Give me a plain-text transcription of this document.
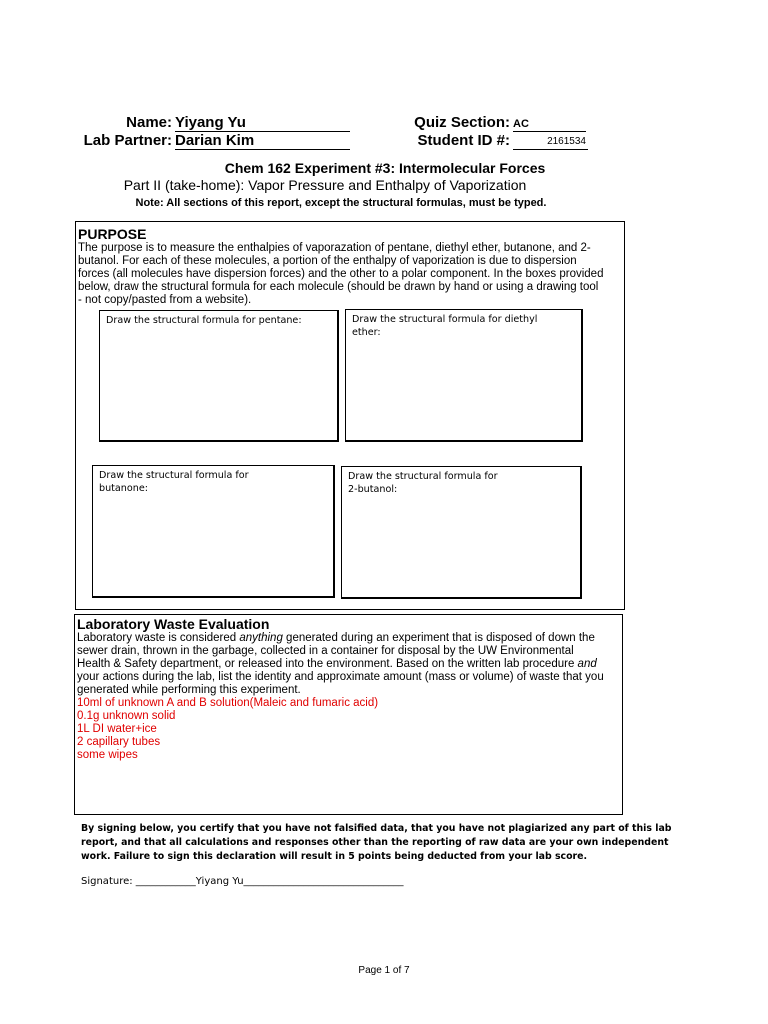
Name: Yiyang Yu
Lab Partner: Darian Kim
Quiz Section: AC
Student ID #:	2161534
Chem 162 Experiment #3: Intermolecular Forces
Part II (take-home): Vapor Pressure and Enthalpy of Vaporization
Note: All sections of this report, except the structural formulas, must be typed.
PURPOSE
The purpose is to measure the enthalpies of vaporazation of pentane, diethyl ether, butanone, and 2-
butanol. For each of these molecules, a portion of the enthalpy of vaporization is due to dispersion
forces (all molecules have dispersion forces) and the other to a polar component. In the boxes provided
below, draw the structural formula for each molecule (should be drawn by hand or using a drawing tool
- not copy/pasted from a website).
Draw the structural formula for pentane:	Draw the structural formula for diethyl
ether:
Draw the structural formula for
butanone:
Draw the structural formula for
2-butanol:
Laboratory Waste Evaluation
Laboratory waste is considered anything generated during an experiment that is disposed of down the
sewer drain, thrown in the garbage, collected in a container for disposal by the UW Environmental
Health & Safety department, or released into the environment. Based on the written lab procedure and
your actions during the lab, list the identity and approximate amount (mass or volume) of waste that you
generated while performing this experiment.
10ml of unknown A and B solution(Maleic and fumaric acid)
0.1g unknown solid
1L DI water+ice
2 capillary tubes
some wipes
By signing below, you certify that you have not falsified data, that you have not plagiarized any part of this lab
report, and that all calculations and responses other than the reporting of raw data are your own independent
work. Failure to sign this declaration will result in 5 points being deducted from your lab score.
Signature: ____________Yiyang Yu________________________________
Page 1 of 7
